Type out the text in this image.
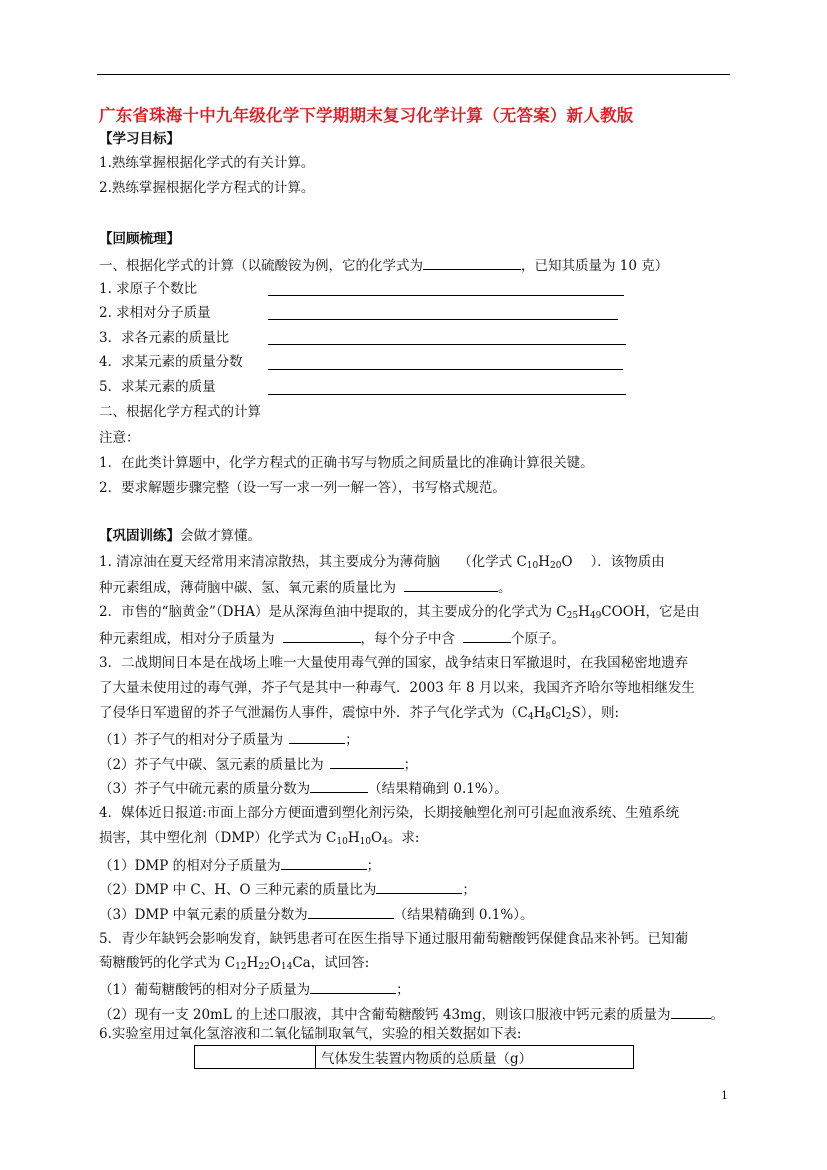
广东省珠海十中九年级化学下学期期末复习化学计算（无答案）新人教版
【学习目标】
1.熟练掌握根据化学式的有关计算。
2.熟练掌握根据化学方程式的计算。
【回顾梳理】
一、根据化学式的计算（以硫酸铵为例，它的化学式为	，已知其质量为 10 克）
1. 求原子个数比
2. 求相对分子质量
3．求各元素的质量比
4．求某元素的质量分数
5．求某元素的质量
二、根据化学方程式的计算
注意：
1．在此类计算题中，化学方程式的正确书写与物质之间质量比的准确计算很关键。
2．要求解题步骤完整（设一写一求一列一解一答），书写格式规范。
【巩固训练】会做才算懂。
1. 清凉油在夏天经常用来清凉散热，其主要成分为薄荷脑 （化学式 $C_{10}H_{20}O$ ）．该物质由
种元素组成，薄荷脑中碳、氢、氧元素的质量比为	。
2．市售的“脑黄金”（DHA）是从深海鱼油中提取的，其主要成分的化学式为 $C_{25}H_{49}COOH$，它是由
种元素组成，相对分子质量为	，每个分子中含	个原子。
3．二战期间日本是在战场上唯一大量使用毒气弹的国家，战争结束日军撤退时，在我国秘密地遗弃
了大量未使用过的毒气弹，芥子气是其中一种毒气．2003 年 8 月以来，我国齐齐哈尔等地相继发生
了侵华日军遗留的芥子气泄漏伤人事件，震惊中外．芥子气化学式为$(C_4H_8Cl_2S)$，则:
（1）芥子气的相对分子质量为	；
（2）芥子气中碳、氢元素的质量比为	；
（3）芥子气中硫元素的质量分数为	（结果精确到 0.1%）。
4．媒体近日报道:市面上部分方便面遭到塑化剂污染，长期接触塑化剂可引起血液系统、生殖系统
损害，其中塑化剂（DMP）化学式为 $C_{10}H_{10}O_4$。求:
（1）DMP 的相对分子质量为	；
（2）DMP 中 C、H、O 三种元素的质量比为	；
（3）DMP 中氧元素的质量分数为	（结果精确到 0.1%）。
5．青少年缺钙会影响发育，缺钙患者可在医生指导下通过服用葡萄糖酸钙保健食品来补钙。已知葡
萄糖酸钙的化学式为 $C_{12}H_{22}O_{14}Ca$，试回答:
（1）葡萄糖酸钙的相对分子质量为	；
（2）现有一支 20mL 的上述口服液，其中含葡萄糖酸钙 43mg，则该口服液中钙元素的质量为	。
6.实验室用过氧化氢溶液和二氧化锰制取氧气，实验的相关数据如下表:
	气体发生装置内物质的总质量（g）
1
